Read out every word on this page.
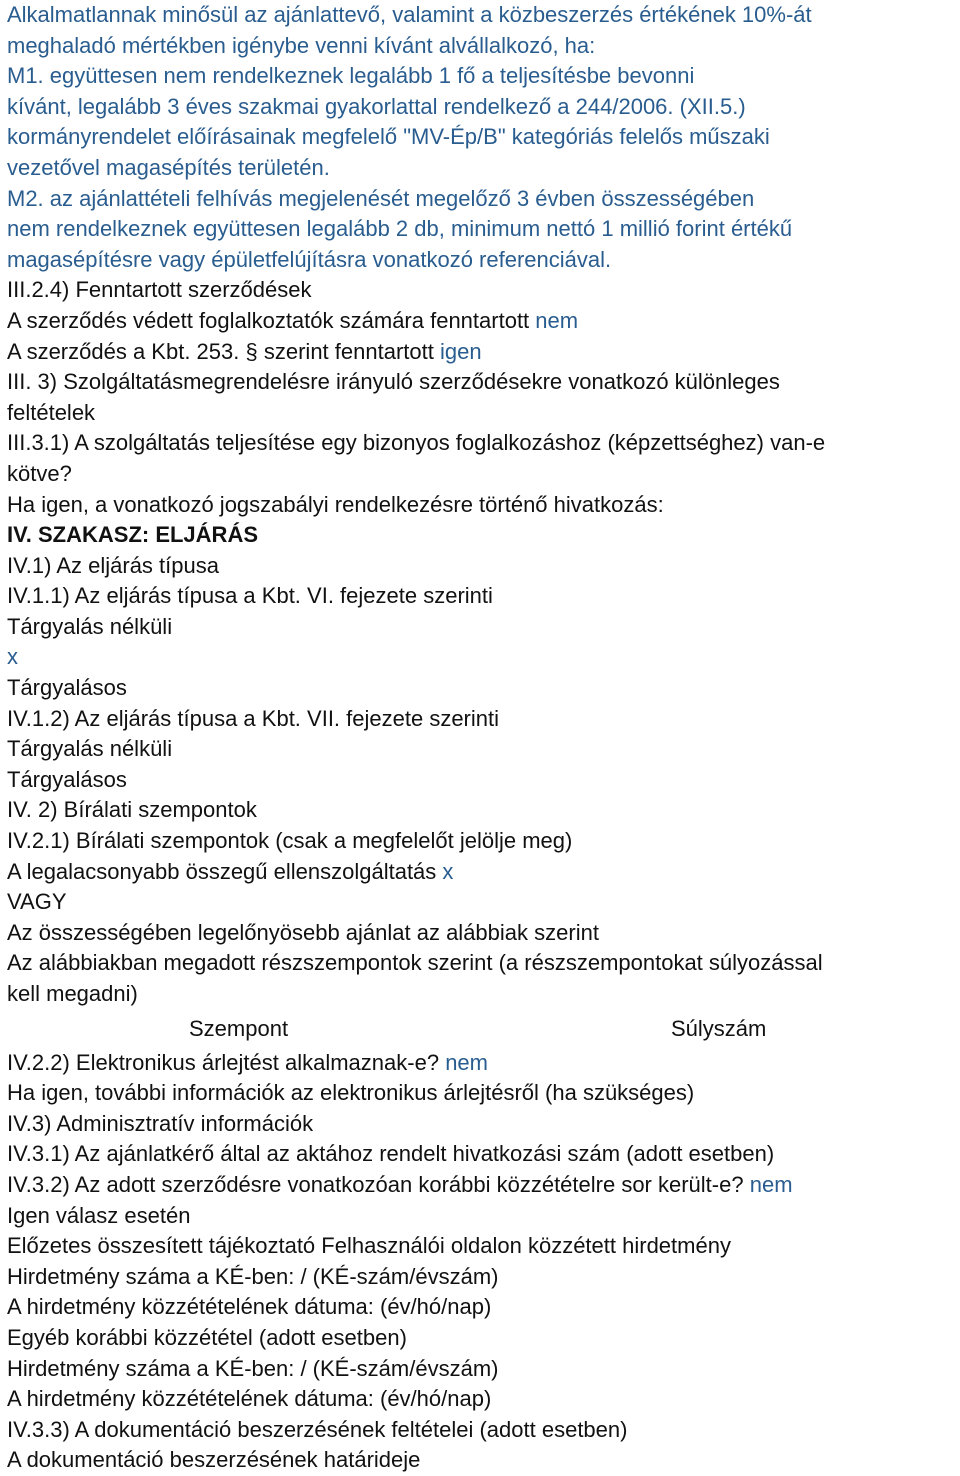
Alkalmatlannak minősül az ajánlattevő, valamint a közbeszerzés értékének 10%-át
meghaladó mértékben igénybe venni kívánt alvállalkozó, ha:
M1. együttesen nem rendelkeznek legalább 1 fő a teljesítésbe bevonni
kívánt, legalább 3 éves szakmai gyakorlattal rendelkező a 244/2006. (XII.5.)
kormányrendelet előírásainak megfelelő "MV-Ép/B" kategóriás felelős műszaki
vezetővel magasépítés területén.
M2. az ajánlattételi felhívás megjelenését megelőző 3 évben összességében
nem rendelkeznek együttesen legalább 2 db, minimum nettó 1 millió forint értékű
magasépítésre vagy épületfelújításra vonatkozó referenciával.
III.2.4) Fenntartott szerződések
A szerződés védett foglalkoztatók számára fenntartott nem
A szerződés a Kbt. 253. § szerint fenntartott igen
III. 3) Szolgáltatásmegrendelésre irányuló szerződésekre vonatkozó különleges
feltételek
III.3.1) A szolgáltatás teljesítése egy bizonyos foglalkozáshoz (képzettséghez) van-e
kötve?
Ha igen, a vonatkozó jogszabályi rendelkezésre történő hivatkozás:
IV. SZAKASZ: ELJÁRÁS
IV.1) Az eljárás típusa
IV.1.1) Az eljárás típusa a Kbt. VI. fejezete szerinti
Tárgyalás nélküli
x
Tárgyalásos
IV.1.2) Az eljárás típusa a Kbt. VII. fejezete szerinti
Tárgyalás nélküli
Tárgyalásos
IV. 2) Bírálati szempontok
IV.2.1) Bírálati szempontok (csak a megfelelőt jelölje meg)
A legalacsonyabb összegű ellenszolgáltatás x
VAGY
Az összességében legelőnyösebb ajánlat az alábbiak szerint
Az alábbiakban megadott részszempontok szerint (a részszempontokat súlyozással
kell megadni)
Szempont	Súlyszám
IV.2.2) Elektronikus árlejtést alkalmaznak-e? nem
Ha igen, további információk az elektronikus árlejtésről (ha szükséges)
IV.3) Adminisztratív információk
IV.3.1) Az ajánlatkérő által az aktához rendelt hivatkozási szám (adott esetben)
IV.3.2) Az adott szerződésre vonatkozóan korábbi közzétételre sor került-e? nem
Igen válasz esetén
Előzetes összesített tájékoztató Felhasználói oldalon közzétett hirdetmény
Hirdetmény száma a KÉ-ben: / (KÉ-szám/évszám)
A hirdetmény közzétételének dátuma: (év/hó/nap)
Egyéb korábbi közzététel (adott esetben)
Hirdetmény száma a KÉ-ben: / (KÉ-szám/évszám)
A hirdetmény közzétételének dátuma: (év/hó/nap)
IV.3.3) A dokumentáció beszerzésének feltételei (adott esetben)
A dokumentáció beszerzésének határideje
